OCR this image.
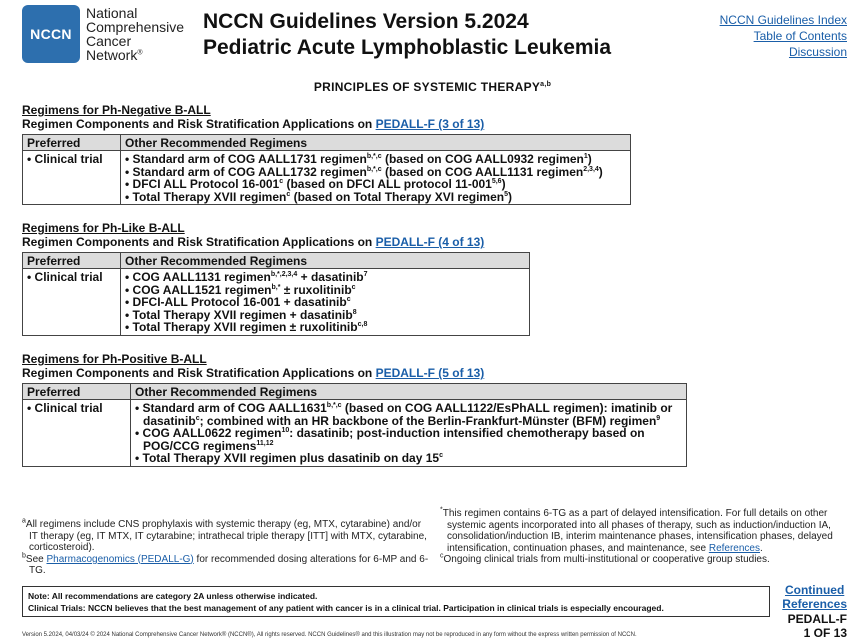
NCCN
National
Comprehensive
Cancer
Network®
NCCN Guidelines Version 5.2024
Pediatric Acute Lymphoblastic Leukemia
NCCN Guidelines Index
Table of Contents
Discussion
PRINCIPLES OF SYSTEMIC THERAPY$^{a,b}$
Regimens for Ph-Negative B-ALL
Regimen Components and Risk Stratification Applications on PEDALL-F (3 of 13)
Preferred	Other Recommended Regimens
• Clinical trial	• Standard arm of COG AALL1731 regimen$^{b,*,c}$ (based on COG AALL0932 regimen$^1$)
• Standard arm of COG AALL1732 regimen$^{b,*,c}$ (based on COG AALL1131 regimen$^{2,3,4}$)
• DFCI ALL Protocol 16-001$^c$ (based on DFCI ALL protocol 11-001$^{5,6}$)
• Total Therapy XVII regimen$^c$ (based on Total Therapy XVI regimen$^5$)
Regimens for Ph-Like B-ALL
Regimen Components and Risk Stratification Applications on PEDALL-F (4 of 13)
Preferred	Other Recommended Regimens
• Clinical trial	• COG AALL1131 regimen$^{b,*,2,3,4}$ + dasatinib$^7$
• COG AALL1521 regimen$^{b,*}$ ± ruxolitinib$^c$
• DFCI-ALL Protocol 16-001 + dasatinib$^c$
• Total Therapy XVII regimen + dasatinib$^8$
• Total Therapy XVII regimen ± ruxolitinib$^{c,8}$
Regimens for Ph-Positive B-ALL
Regimen Components and Risk Stratification Applications on PEDALL-F (5 of 13)
Preferred	Other Recommended Regimens
• Clinical trial	• Standard arm of COG $AALL1631^{b,*,c}$ (based on COG AALL1122/EsPhALL regimen): imatinib or dasatinib$^c$; combined with an HR backbone of the Berlin-Frankfurt-Münster (BFM) regimen$^9$
• COG AALL0622 regimen$^{10}$: dasatinib; post-induction intensified chemotherapy based on POG/CCG regimens$^{11,12}$
• Total Therapy XVII regimen plus dasatinib on day 15$^c$
$^a$All regimens include CNS prophylaxis with systemic therapy (eg, MTX, cytarabine) and/or IT therapy (eg, IT MTX, IT cytarabine; intrathecal triple therapy [ITT] with MTX, cytarabine, corticosteroid).
$^b$See Pharmacogenomics (PEDALL-G) for recommended dosing alterations for 6-MP and 6-TG.
*This regimen contains 6-TG as a part of delayed intensification. For full details on other systemic agents incorporated into all phases of therapy, such as induction/induction IA, consolidation/induction IB, interim maintenance phases, intensification phases, delayed intensification, continuation phases, and maintenance, see References.
$^c$Ongoing clinical trials from multi-institutional or cooperative group studies.
Note: All recommendations are category 2A unless otherwise indicated.
Clinical Trials: NCCN believes that the best management of any patient with cancer is in a clinical trial. Participation in clinical trials is especially encouraged.
Continued
References
PEDALL-F
1 OF 13
Version 5.2024, 04/03/24 © 2024 National Comprehensive Cancer Network® (NCCN®), All rights reserved. NCCN Guidelines® and this illustration may not be reproduced in any form without the express written permission of NCCN.
